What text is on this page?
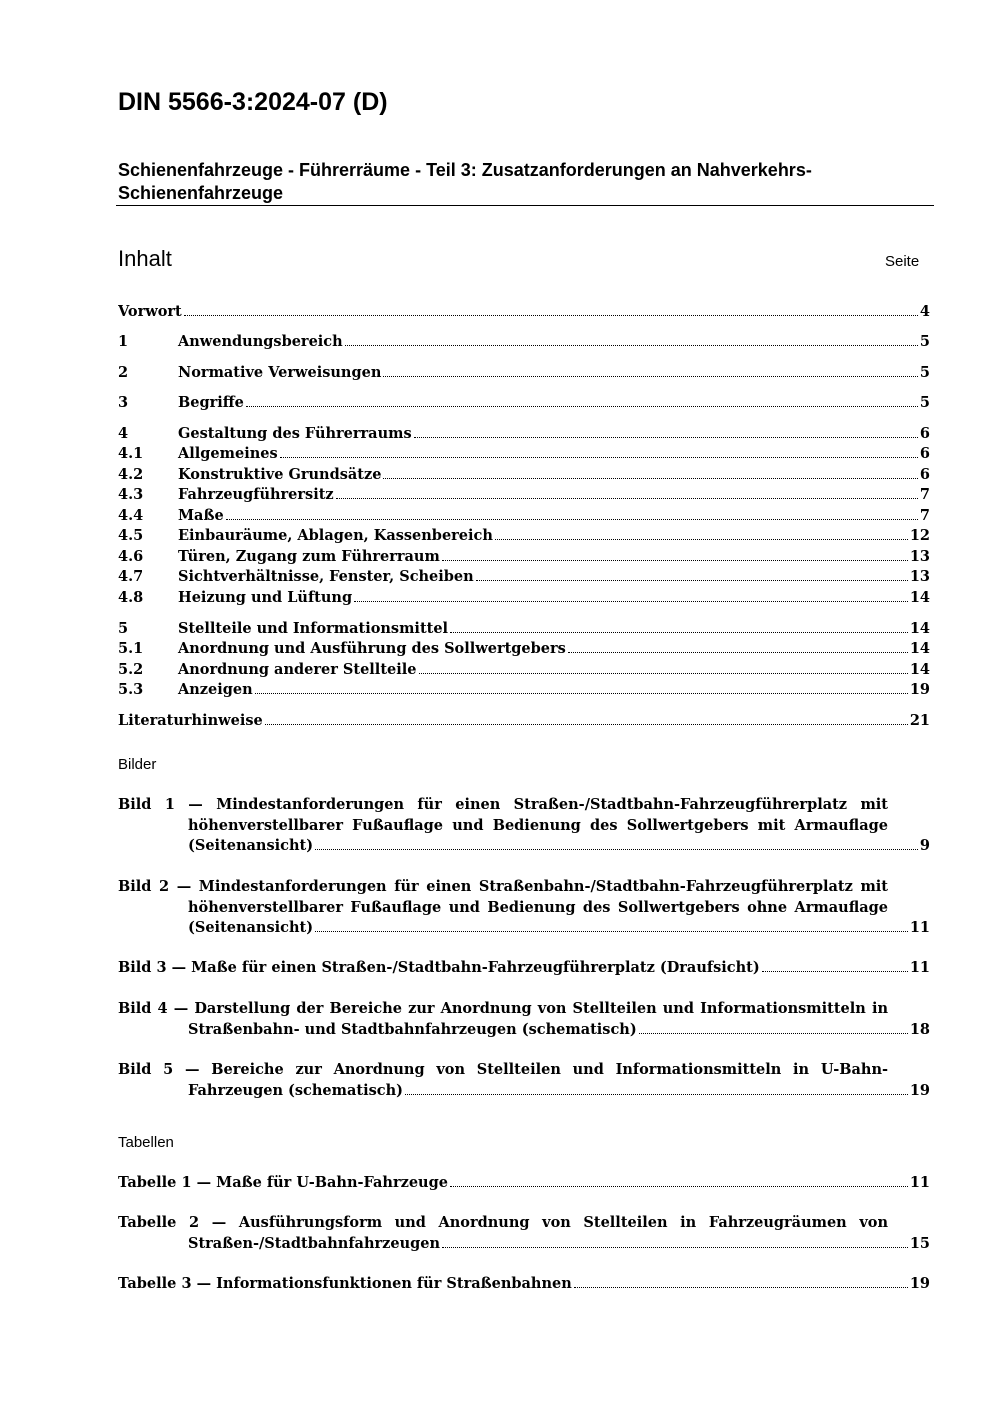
DIN 5566-3:2024-07 (D)
Schienenfahrzeuge - Führerräume - Teil 3: Zusatzanforderungen an Nahverkehrs-
Schienenfahrzeuge
Inhalt	Seite
Vorwort	4
1	Anwendungsbereich	5
2	Normative Verweisungen	5
3	Begriffe	5
4	Gestaltung des Führerraums	6
4.1 Allgemeines	6
4.2 Konstruktive Grundsätze	6
4.3 Fahrzeugführersitz	7
4.4 Maße	7
4.5 Einbauräume, Ablagen, Kassenbereich	12
4.6 Türen, Zugang zum Führerraum	13
4.7 Sichtverhältnisse, Fenster, Scheiben	13
4.8 Heizung und Lüftung	14
5	Stellteile und Informationsmittel	14
5.1 Anordnung und Ausführung des Sollwertgebers	14
5.2 Anordnung anderer Stellteile	14
5.3 Anzeigen	19
Literaturhinweise	21
Bilder
Bild 1 — Mindestanforderungen für einen Straßen-/Stadtbahn-Fahrzeugführerplatz mit
höhenverstellbarer Fußauflage und Bedienung des Sollwertgebers mit Armauflage
(Seitenansicht)	9
Bild 2 — Mindestanforderungen für einen Straßenbahn-/Stadtbahn-Fahrzeugführerplatz mit
höhenverstellbarer Fußauflage und Bedienung des Sollwertgebers ohne Armauflage
(Seitenansicht)	11
Bild 3 — Maße für einen Straßen-/Stadtbahn-Fahrzeugführerplatz (Draufsicht)	11
Bild 4 — Darstellung der Bereiche zur Anordnung von Stellteilen und Informationsmitteln in
Straßenbahn- und Stadtbahnfahrzeugen (schematisch)	18
Bild 5 — Bereiche zur Anordnung von Stellteilen und Informationsmitteln in U-Bahn-
Fahrzeugen (schematisch)	19
Tabellen
Tabelle 1 — Maße für U-Bahn-Fahrzeuge	11
Tabelle 2 — Ausführungsform und Anordnung von Stellteilen in Fahrzeugräumen von
Straßen-/Stadtbahnfahrzeugen	15
Tabelle 3 — Informationsfunktionen für Straßenbahnen	19
